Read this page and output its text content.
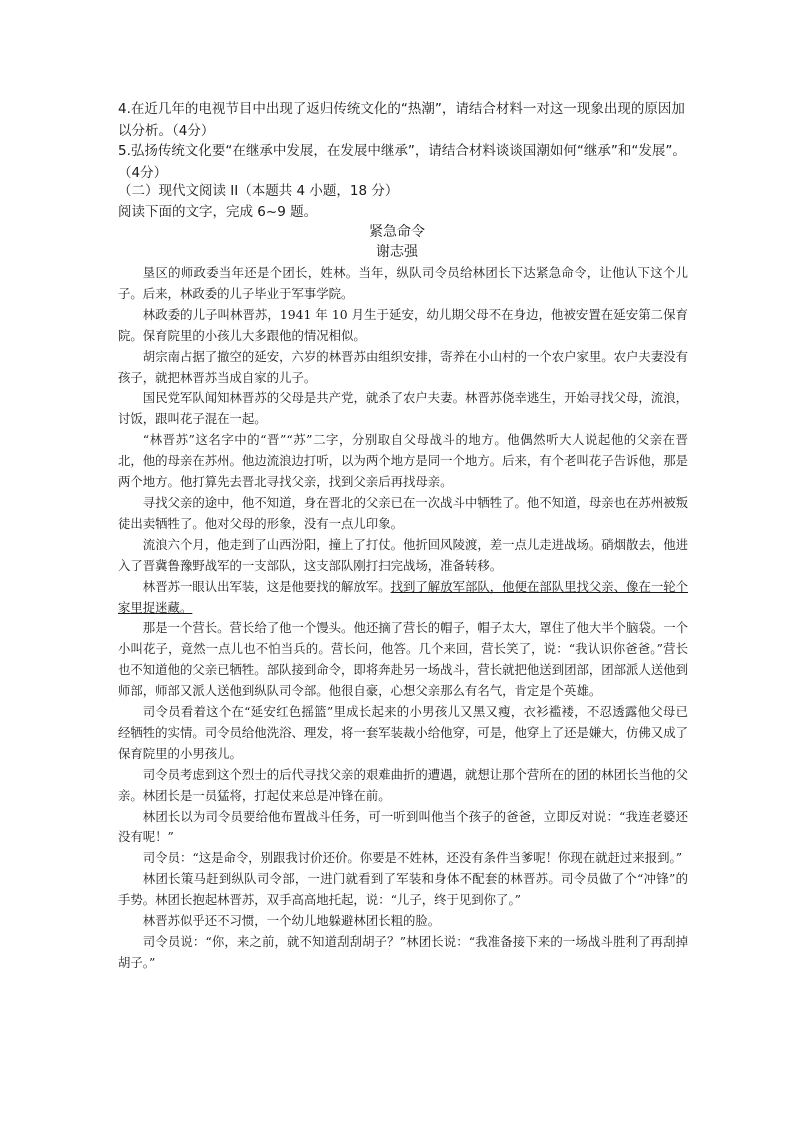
4.在近几年的电视节目中出现了返归传统文化的“热潮”，请结合材料一对这一现象出现的原因加以分析。（4分）

5.弘扬传统文化要“在继承中发展，在发展中继承”，请结合材料谈谈国潮如何“继承”和“发展”。（4分）

（二）现代文阅读 II（本题共 4 小题，18 分）

阅读下面的文字，完成 6~9 题。

紧急命令

谢志强

垦区的师政委当年还是个团长，姓林。当年，纵队司令员给林团长下达紧急命令，让他认下这个儿子。后来，林政委的儿子毕业于军事学院。

林政委的儿子叫林晋苏，1941 年 10 月生于延安，幼儿期父母不在身边，他被安置在延安第二保育院。保育院里的小孩儿大多跟他的情况相似。

胡宗南占据了撤空的延安，六岁的林晋苏由组织安排，寄养在小山村的一个农户家里。农户夫妻没有孩子，就把林晋苏当成自家的儿子。

国民党军队闻知林晋苏的父母是共产党，就杀了农户夫妻。林晋苏侥幸逃生，开始寻找父母，流浪，讨饭，跟叫花子混在一起。

“林晋苏”这名字中的“晋”“苏”二字，分别取自父母战斗的地方。他偶然听大人说起他的父亲在晋北，他的母亲在苏州。他边流浪边打听，以为两个地方是同一个地方。后来，有个老叫花子告诉他，那是两个地方。他打算先去晋北寻找父亲，找到父亲后再找母亲。

寻找父亲的途中，他不知道，身在晋北的父亲已在一次战斗中牺牲了。他不知道，母亲也在苏州被叛徒出卖牺牲了。他对父母的形象，没有一点儿印象。

流浪六个月，他走到了山西汾阳，撞上了打仗。他折回风陵渡，差一点儿走进战场。硝烟散去，他进入了晋冀鲁豫野战军的一支部队，这支部队刚打扫完战场，准备转移。

林晋苏一眼认出军装，这是他要找的解放军。找到了解放军部队，他便在部队里找父亲、像在一轮个家里捉迷藏。

那是一个营长。营长给了他一个馒头。他还摘了营长的帽子，帽子太大，罩住了他大半个脑袋。一个小叫花子，竟然一点儿也不怕当兵的。营长问，他答。几个来回，营长笑了，说：“我认识你爸爸。”营长也不知道他的父亲已牺牲。部队接到命令，即将奔赴另一场战斗，营长就把他送到团部，团部派人送他到师部，师部又派人送他到纵队司令部。他很自豪，心想父亲那么有名气，肯定是个英雄。

司令员看着这个在“延安红色摇篮”里成长起来的小男孩儿又黑又瘦，衣衫褴褛，不忍透露他父母已经牺牲的实情。司令员给他洗浴、理发，将一套军装裁小给他穿，可是，他穿上了还是嫌大，仿佛又成了保育院里的小男孩儿。

司令员考虑到这个烈士的后代寻找父亲的艰难曲折的遭遇，就想让那个营所在的团的林团长当他的父亲。林团长是一员猛将，打起仗来总是冲锋在前。

林团长以为司令员要给他布置战斗任务，可一听到叫他当个孩子的爸爸，立即反对说：“我连老婆还没有呢！”

司令员：“这是命令，别跟我讨价还价。你要是不姓林，还没有条件当爹呢！你现在就赶过来报到。”

林团长策马赶到纵队司令部，一进门就看到了军装和身体不配套的林晋苏。司令员做了个“冲锋”的手势。林团长抱起林晋苏，双手高高地托起，说：“儿子，终于见到你了。”

林晋苏似乎还不习惯，一个幼儿地躲避林团长粗的脸。

司令员说：“你，来之前，就不知道刮刮胡子？”林团长说：“我准备接下来的一场战斗胜利了再刮掉胡子。”
